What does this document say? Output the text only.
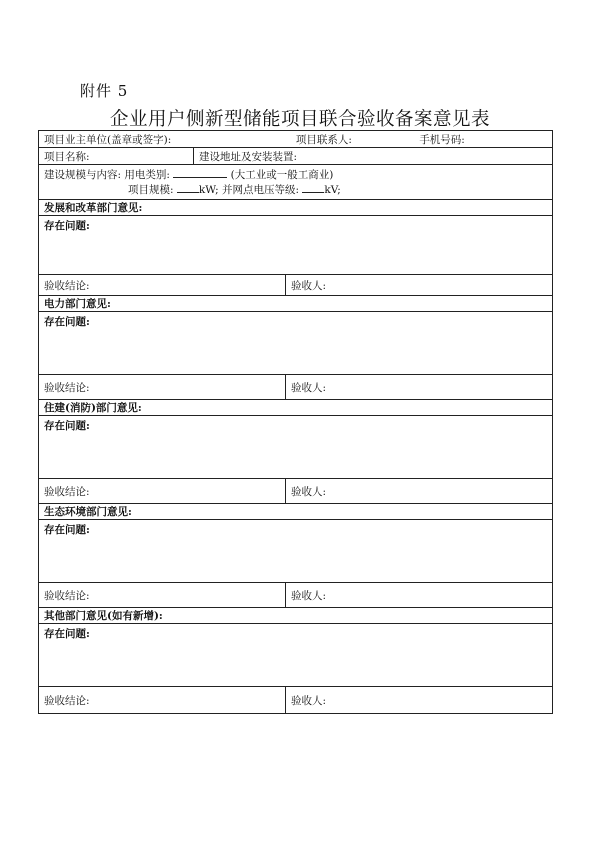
附件 5
企业用户侧新型储能项目联合验收备案意见表
项目业主单位(盖章或签字): 项目联系人: 手机号码:		
项目名称:	建设地址及安装装置:	

建设规模与内容: 用电类别: (大工业或一般工商业)
项目规模: kW; 并网点电压等级: kV;		

发展和改革部门意见:		
存在问题:		
验收结论:		验收人:
电力部门意见:		
存在问题:		
验收结论:		验收人:
住建(消防)部门意见:		
存在问题:		
验收结论:		验收人:
生态环境部门意见:		
存在问题:		
验收结论:		验收人:
其他部门意见(如有新增):		
存在问题:		
验收结论:		验收人:
